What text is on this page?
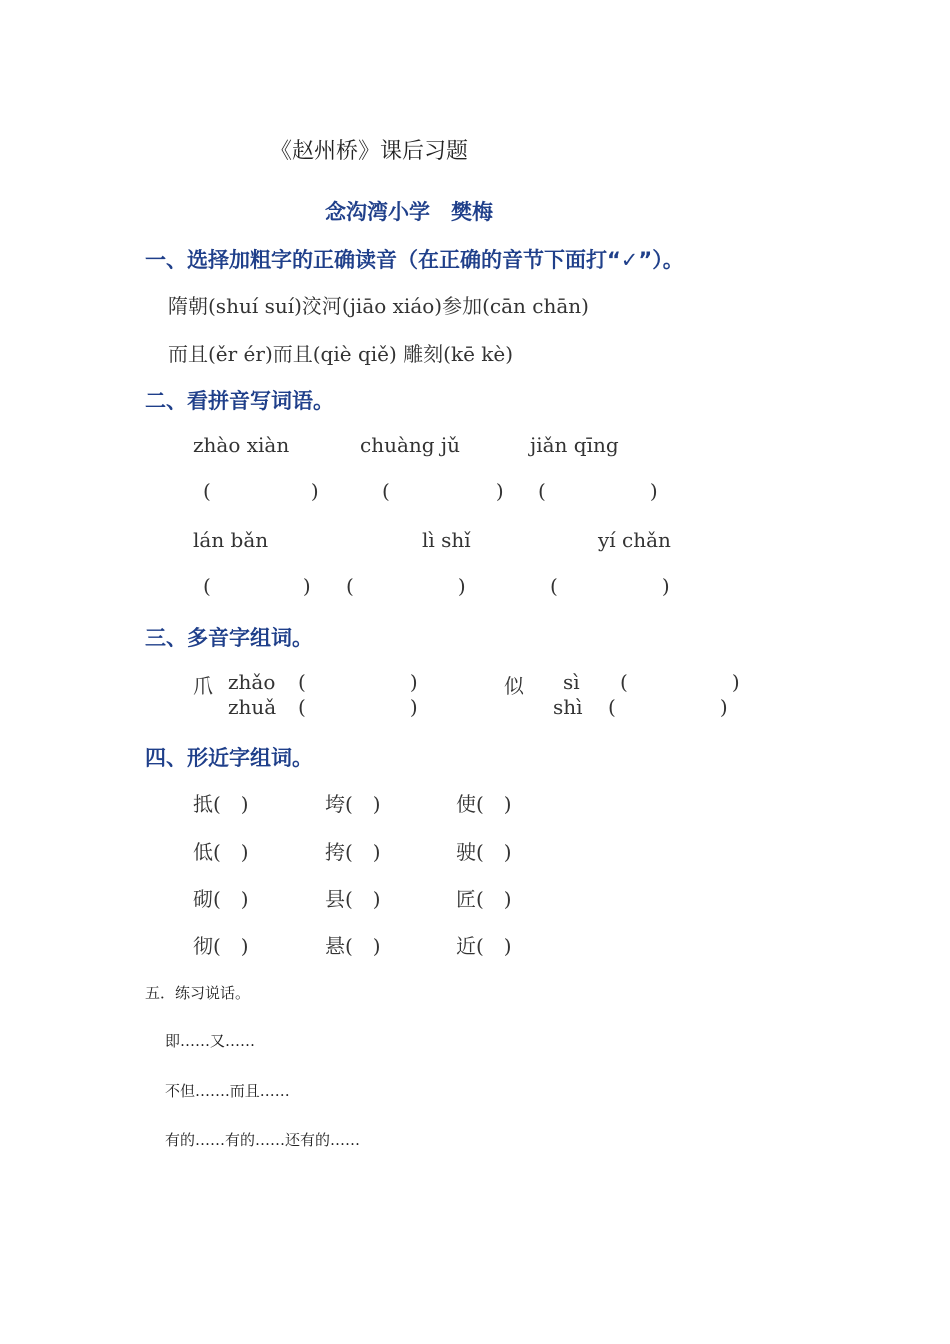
《赵州桥》课后习题
念沟湾小学　樊梅
一、选择加粗字的正确读音（在正确的音节下面打“✓”）。
隋朝(shuí suí)洨河(jiāo xiáo)参加(cān chān)
而且(ěr ér)而且(qiè qiě) 雕刻(kē kè)
二、看拼音写词语。
zhào xiàn	chuàng jǔ	jiǎn qīng
(	)	(	) (	)
lán bǎn	lì shǐ	yí chǎn
(	) (	)	(	)
三、多音字组词。
爪 zhǎo (	)
zhuǎ (	)
似 sì (	)
shì (	)
四、形近字组词。
抵(　)	垮(　)	使(　)
低(　)	挎(　)	驶(　)
砌(　)	县(　)	匠(　)
彻(　)	悬(　)	近(　)
五．练习说话。
即……又……
不但…….而且……
有的……有的……还有的……
